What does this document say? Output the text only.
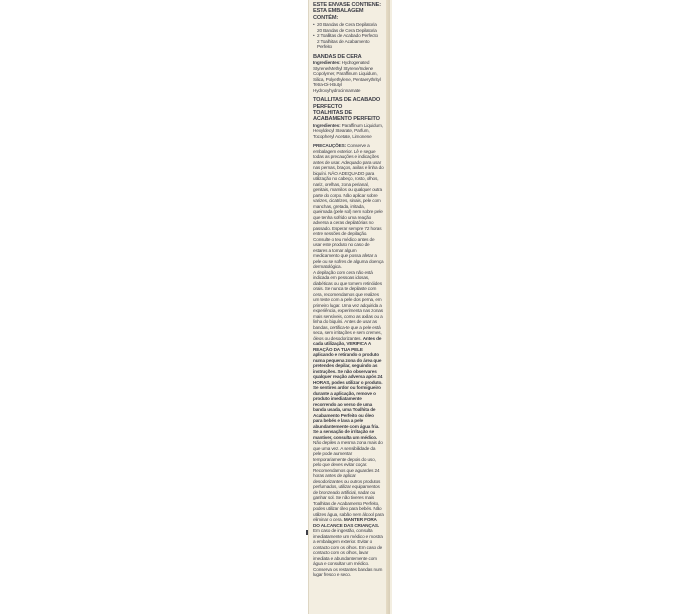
ESTE ENVASE CONTIENE:

ESTA EMBALAGEM CONTÉM:

• 20 Bandas de Cera Depilatoria
20 Bandas de Cera Depilatoria
• 2 Toallitas de Acabado Perfecto
2 Toalhitas de Acabamento Perfeito

BANDAS DE CERA

Ingredientes: Hydrogenated Styrene/Methyl Styrene/Indene Copolymer, Paraffinum Liquidum, Silica, Polyethylene, Pentaerythrityl Tetra-Di-t-Butyl Hydroxyhydrocinnamate

TOALLITAS DE ACABADO PERFECTO

TOALHITAS DE ACABAMENTO PERFEITO

Ingredientes: Paraffinum Liquidum, Hexyldecyl Stearate, Parfum, Tocopheryl Acetate, Limonene

PRECAUÇÕES: Conserve a embalagem exterior. Lê e segue todas as precauções e indicações antes de usar. Adequado para usar nas pernas, braços, axilas e linha do biquíni. NÃO ADEQUADO para utilização no cabeço, rosto, olhos, nariz, orelhas, zona perianal, genitais, mamilos ou qualquer outra parte do corpo. Não aplicar sobre varizes, cicatrizes, sinais, pele com manchas, gretada, irritada, queimada (pele sol) nem sobre pele que tenha sofrido uma reação adversa a ceras depilatórias no passado. Esperar sempre 72 horas entre sessões de depilação.

Consulte o teu médico antes de usar este produto no caso de estares a tomar algum medicamento que possa afetar a pele ou se sofres de alguma doença dermatológica.

A depilação com cera não está indicada em pessoas idosas, diabéticas ou que tomem retinóides orais. Se nunca te depilaste com cera, recomendamos que realizes um teste com a pele dos perna, em primeiro lugar. Uma vez adquirida a experiência, experimenta nas zonas mais sensíveis, como as axilas ou a linha do biquíni. Antes de usar as bandas, certifica-te que a pele está seca, sem irritações e sem cremes, óleos ou desodorizantes. Antes de cada utilização, VERIFICA A REAÇÃO DA TUA PELE aplicando e retirando o produto numa pequena zona do área que pretendes depilar, seguindo as instruções. Se não observares qualquer reação adversa após 24 HORAS, podes utilizar o produto. Se sentires ardor ou formigueiro durante a aplicação, remove o produto imediatamente recorrendo ao verso de uma banda usada, uma Toalhita de Acabamento Perfeito ou óleo para bebés e lava a pele abundantemente com água fria. Se a sensação de irritação se mantiver, consulta um médico.

Não depiles a mesma zona mais do que uma vez. A sensibilidade da pele pode aumentar temporariamente depois do uso, pelo que deves evitar coçar. Recomendamos que aguardes 24 horas antes de aplicar desodorizantes ou outros produtos perfumados, utilizar equipamentos de bronzeado artificial, nadar ou ganhar sol. Se não tiveres mais Toalhitas de Acabamento Perfeito, podes utilizar óleo para bebés. Não utilizes água, sabão nem álcool para eliminar o cera. MANTER FORA DO ALCANCE DAS CRIANÇAS.

Em caso de ingestão, consulta imediatamente um médico e mostra a embalagem exterior. Evitar o contacto com os olhos. Em caso de contacto com os olhos, lavar imediata e abundantemente com água e consultar um médico.

Conserva os restantes bandas num lugar fresco e seco.
